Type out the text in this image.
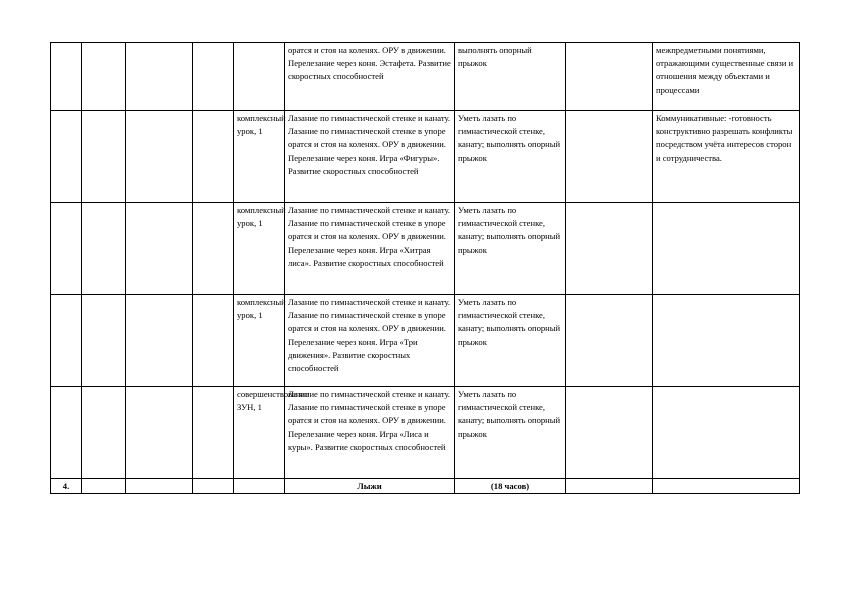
					оратся и стоя на коленях. ОРУ в движении. Перелезание через коня. Эстафета. Развитие скоростных способностей	выполнять опорный прыжок		межпредметными понятиями, отражающими существенные связи и отношения между объектами и процессами
				комплексный урок, 1	Лазание по гимнастической стенке и канату. Лазание по гимнастической стенке в упоре оратся и стоя на коленях. ОРУ в движении. Перелезание через коня. Игра «Фигуры». Развитие скоростных способностей	Уметь лазать по гимнастической стенке, канату; выполнять опорный прыжок		Коммуникативные: -готовность конструктивно разрешать конфликты посредством учёта интересов сторон и сотрудничества.
				комплексный урок, 1	Лазание по гимнастической стенке и канату. Лазание по гимнастической стенке в упоре оратся и стоя на коленях. ОРУ в движении. Перелезание через коня. Игра «Хитрая лиса». Развитие скоростных способностей	Уметь лазать по гимнастической стенке, канату; выполнять опорный прыжок		
				комплексный урок, 1	Лазание по гимнастической стенке и канату. Лазание по гимнастической стенке в упоре оратся и стоя на коленях. ОРУ в движении. Перелезание через коня. Игра «Три движения». Развитие скоростных способностей	Уметь лазать по гимнастической стенке, канату; выполнять опорный прыжок		
				совершенствование ЗУН, 1	Лазание по гимнастической стенке и канату. Лазание по гимнастической стенке в упоре оратся и стоя на коленях. ОРУ в движении. Перелезание через коня. Игра «Лиса и куры». Развитие скоростных способностей	Уметь лазать по гимнастической стенке, канату; выполнять опорный прыжок		
4.					Лыжи	(18 часов)		
